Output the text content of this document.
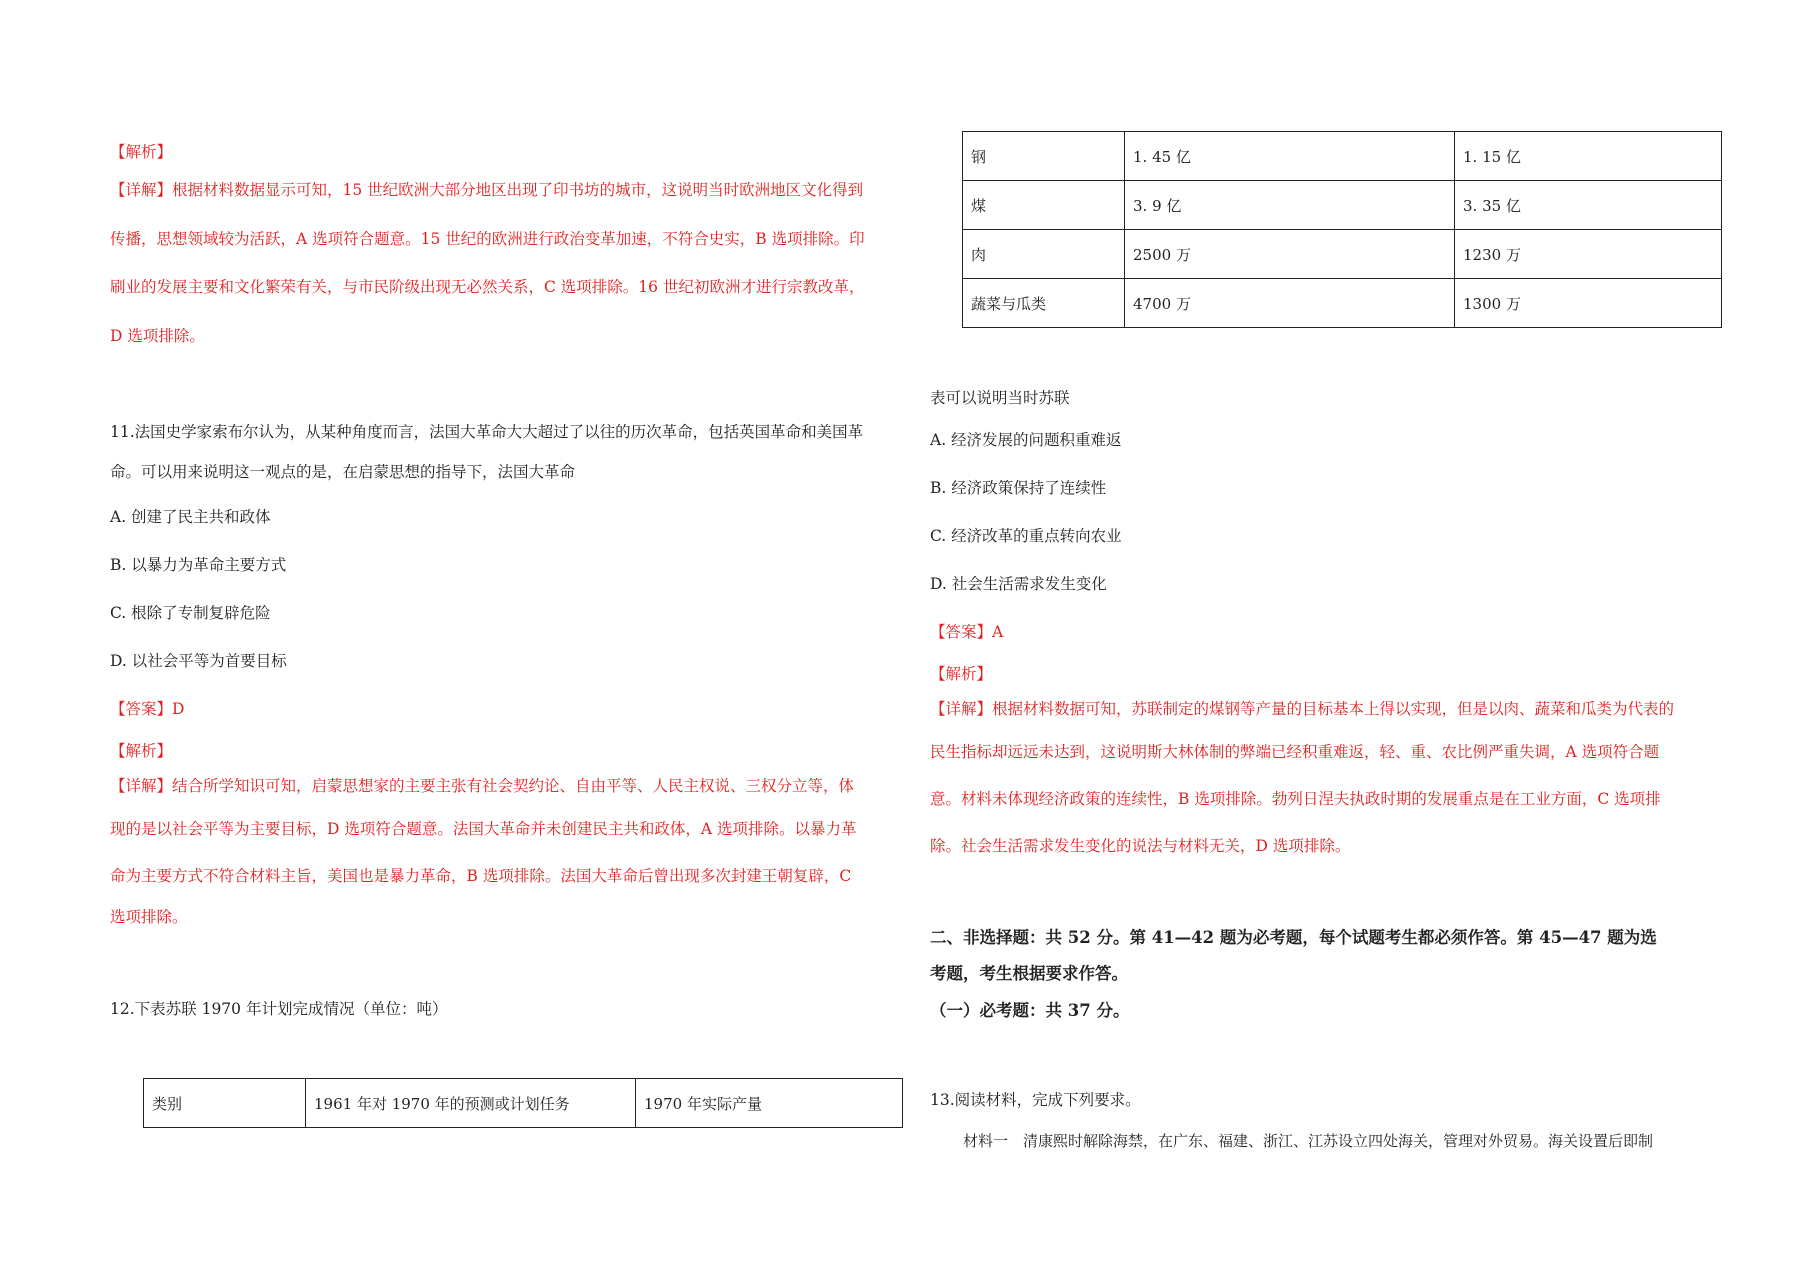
【解析】
【详解】根据材料数据显示可知，15 世纪欧洲大部分地区出现了印书坊的城市，这说明当时欧洲地区文化得到
传播，思想领域较为活跃，A 选项符合题意。15 世纪的欧洲进行政治变革加速，不符合史实，B 选项排除。印
刷业的发展主要和文化繁荣有关，与市民阶级出现无必然关系，C 选项排除。16 世纪初欧洲才进行宗教改革，
D 选项排除。
11.法国史学家索布尔认为，从某种角度而言，法国大革命大大超过了以往的历次革命，包括英国革命和美国革
命。可以用来说明这一观点的是，在启蒙思想的指导下，法国大革命
A. 创建了民主共和政体
B. 以暴力为革命主要方式
C. 根除了专制复辟危险
D. 以社会平等为首要目标
【答案】D
【解析】
【详解】结合所学知识可知，启蒙思想家的主要主张有社会契约论、自由平等、人民主权说、三权分立等，体
现的是以社会平等为主要目标，D 选项符合题意。法国大革命并未创建民主共和政体，A 选项排除。以暴力革
命为主要方式不符合材料主旨，美国也是暴力革命，B 选项排除。法国大革命后曾出现多次封建王朝复辟，C
选项排除。
12.下表苏联 1970 年计划完成情况（单位：吨）
类别	1961 年对 1970 年的预测或计划任务	1970 年实际产量
钢	1. 45 亿	1. 15 亿
煤	3. 9 亿	3. 35 亿
肉	2500 万	1230 万
蔬菜与瓜类	4700 万	1300 万
表可以说明当时苏联
A. 经济发展的问题积重难返
B. 经济政策保持了连续性
C. 经济改革的重点转向农业
D. 社会生活需求发生变化
【答案】A
【解析】
【详解】根据材料数据可知，苏联制定的煤钢等产量的目标基本上得以实现，但是以肉、蔬菜和瓜类为代表的
民生指标却远远未达到，这说明斯大林体制的弊端已经积重难返，轻、重、农比例严重失调，A 选项符合题
意。材料未体现经济政策的连续性，B 选项排除。勃列日涅夫执政时期的发展重点是在工业方面，C 选项排
除。社会生活需求发生变化的说法与材料无关，D 选项排除。
二、非选择题：共 52 分。第 41—42 题为必考题，每个试题考生都必须作答。第 45—47 题为选
考题，考生根据要求作答。
（一）必考题：共 37 分。
13.阅读材料，完成下列要求。
材料一　清康熙时解除海禁，在广东、福建、浙江、江苏设立四处海关，管理对外贸易。海关设置后即制
